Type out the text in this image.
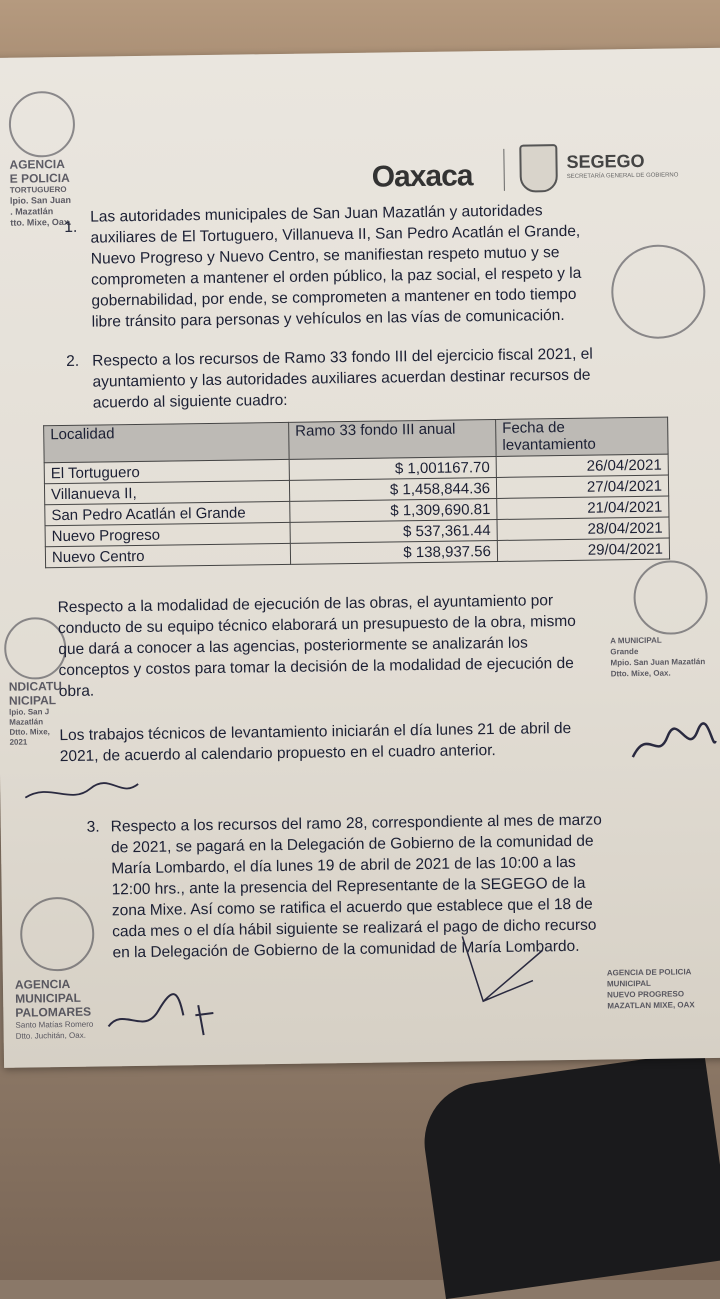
Oaxaca	SEGEGO
SECRETARÍA GENERAL DE GOBIERNO
AGENCIA
E POLICIA
TORTUGUERO
lpio. San Juan
. Mazatlán
tto. Mixe, Oax.
1.
Las autoridades municipales de San Juan Mazatlán y autoridades
auxiliares de El Tortuguero, Villanueva II, San Pedro Acatlán el Grande,
Nuevo Progreso y Nuevo Centro, se manifiestan respeto mutuo y se
comprometen a mantener el orden público, la paz social, el respeto y la
gobernabilidad, por ende, se comprometen a mantener en todo tiempo
libre tránsito para personas y vehículos en las vías de comunicación.
2. Respecto a los recursos de Ramo 33 fondo III del ejercicio fiscal 2021, el
ayuntamiento y las autoridades auxiliares acuerdan destinar recursos de
acuerdo al siguiente cuadro:
Localidad	Ramo 33 fondo III anual	Fecha de levantamiento
El Tortuguero	$ 1,001167.70	26/04/2021
Villanueva II,	$ 1,458,844.36	27/04/2021
San Pedro Acatlán el Grande	$ 1,309,690.81	21/04/2021
Nuevo Progreso	$ 537,361.44	28/04/2021
Nuevo Centro	$ 138,937.56	29/04/2021
NDICATU
NICIPAL
lpio. San J
Mazatlán
Dtto. Mixe,
2021
Respecto a la modalidad de ejecución de las obras, el ayuntamiento por
conducto de su equipo técnico elaborará un presupuesto de la obra, mismo
que dará a conocer a las agencias, posteriormente se analizarán los
conceptos y costos para tomar la decisión de la modalidad de ejecución de
obra.
A MUNICIPAL
Grande
Mpio. San Juan Mazatlán
Dtto. Mixe, Oax.
Los trabajos técnicos de levantamiento iniciarán el día lunes 21 de abril de
2021, de acuerdo al calendario propuesto en el cuadro anterior.
3. Respecto a los recursos del ramo 28, correspondiente al mes de marzo
de 2021, se pagará en la Delegación de Gobierno de la comunidad de
María Lombardo, el día lunes 19 de abril de 2021 de las 10:00 a las
12:00 hrs., ante la presencia del Representante de la SEGEGO de la
zona Mixe. Así como se ratifica el acuerdo que establece que el 18 de
cada mes o el día hábil siguiente se realizará el pago de dicho recurso
en la Delegación de Gobierno de la comunidad de María Lombardo.
AGENCIA
MUNICIPAL
PALOMARES
Santo Matías Romero
Dtto. Juchitán, Oax.
AGENCIA DE POLICIA
MUNICIPAL
NUEVO PROGRESO
MAZATLAN MIXE, OAX
